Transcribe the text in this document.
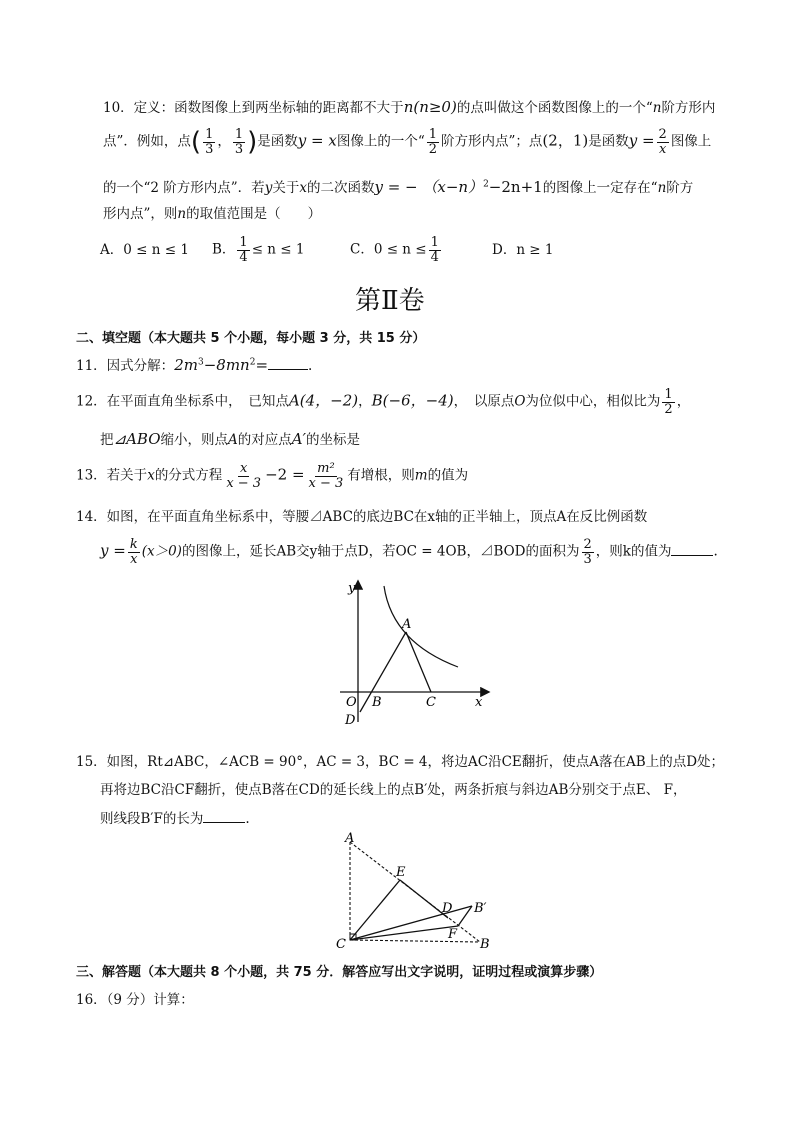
10．定义：函数图像上到两坐标轴的距离都不大于n(n≥0)的点叫做这个函数图像上的一个“n阶方形内
点”．例如，点( $\frac{1}{3}$ ， $\frac{1}{3}$ )是函数y = x图像上的一个“ $\frac{1}{2}$ 阶方形内点”；点(2，1)是函数$y = \frac{2}{x}$ 图像上
的一个“2 阶方形内点”．若y关于x的二次函数y = − $(x-n)^2-2n+1$的图像上一定存在“n阶方
形内点”，则n的取值范围是（　　）
A．0 ≤ n ≤ 1 B． $\frac{1}{4} \le n \le 1$	C．$0 \le n \le \frac{1}{4}$	D．n ≥ 1
第Ⅱ卷
二、填空题（本大题共 5 个小题，每小题 3 分，共 15 分）
11．因式分解：$2m^3-8mn^2=$	.
12．在平面直角坐标系中，　已知点A(4，−2)，B(−6，−4)，　以原点O为位似中心，相似比为 $\frac{1}{2}$ ，
把⊿ABO缩小，则点A的对应点A′的坐标是
13．若关于x的分式方程 $\frac{x}{x - 3} -2 = \frac{\text{m²}}{x - 3}$ 有增根，则m的值为
14．如图，在平面直角坐标系中，等腰⊿ABC的底边BC在x轴的正半轴上，顶点A在反比例函数
$y = \frac{k}{x} (x>0)$的图像上，延长AB交y轴于点D，若OC = 4OB，⊿BOD的面积为 $\frac{2}{3}$ ，则k的值为	.
y
x
O
A
B	C
D
15．如图，Rt⊿ABC，∠ACB = 90°，AC = 3，BC = 4，将边AC沿CE翻折，使点A落在AB上的点D处；
再将边BC沿CF翻折，使点B落在CD的延长线上的点B′处，两条折痕与斜边AB分别交于点E、 F，
则线段B′F的长为	.
A
E
D B′
F
C	B
三、解答题（本大题共 8 个小题，共 75 分．解答应写出文字说明，证明过程或演算步骤）
16．（9 分）计算：
